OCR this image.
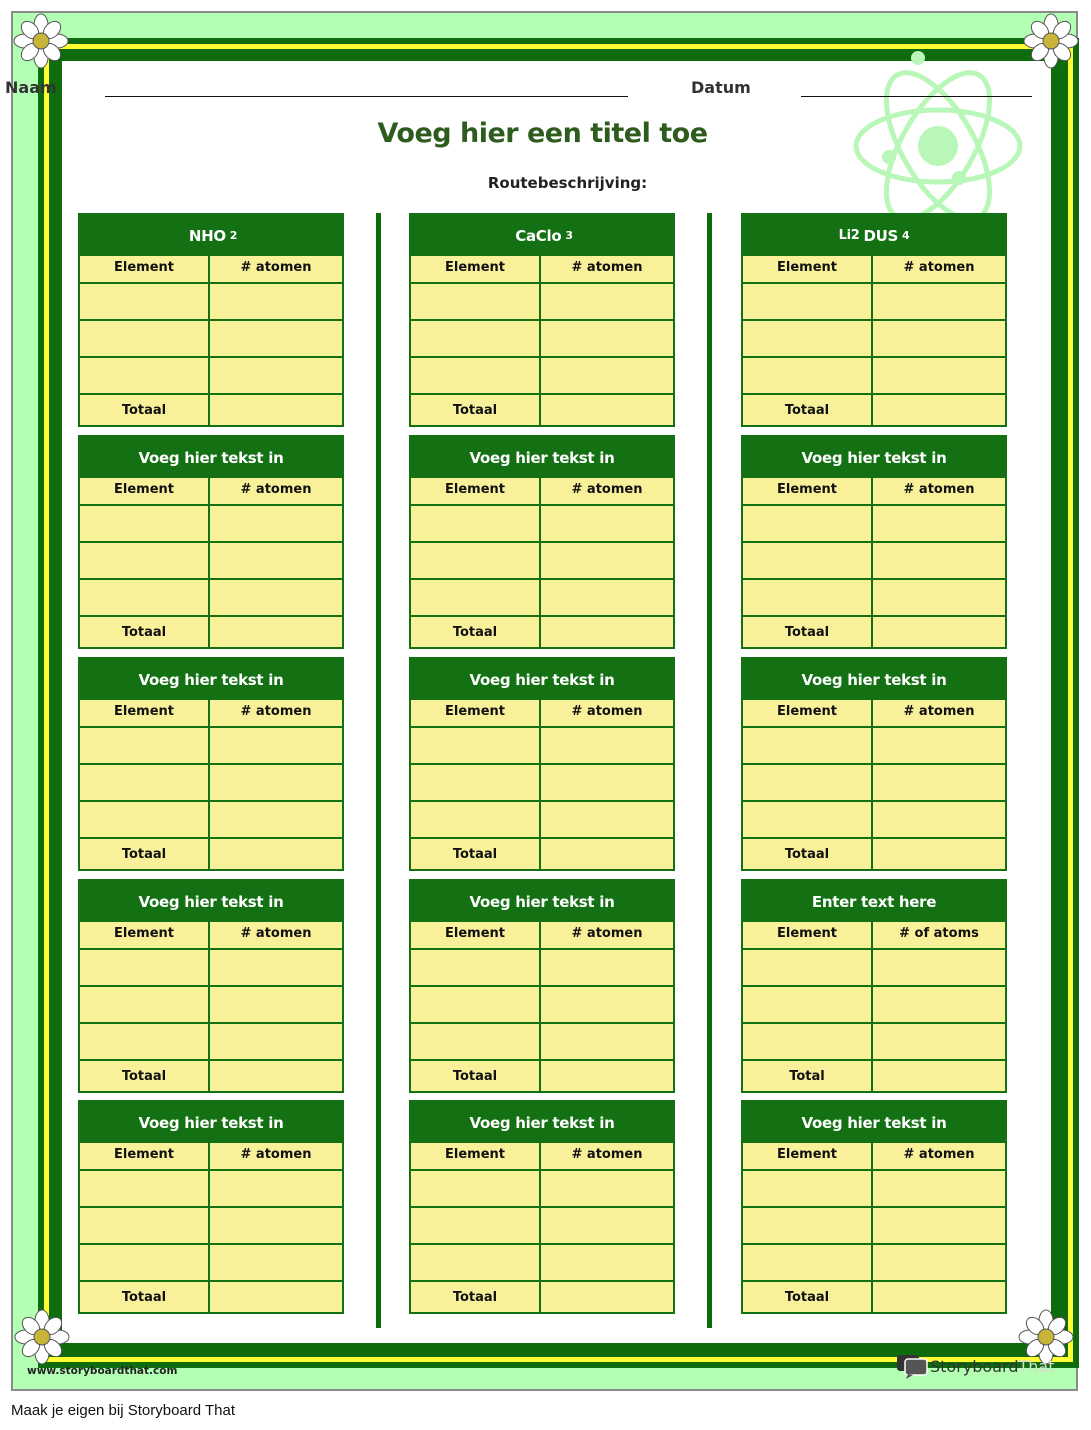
Naam	Datum
Voeg hier een titel toe
Routebeschrijving:
NHO 2
Element	# atomen
Totaal
CaClo 3
Element	# atomen
Totaal
Li2 DUS 4
Element	# atomen
Totaal
Voeg hier tekst in
Element	# atomen
Totaal
Voeg hier tekst in
Element	# atomen
Totaal
Voeg hier tekst in
Element	# atomen
Totaal
Voeg hier tekst in
Element	# atomen
Totaal
Voeg hier tekst in
Element	# atomen
Totaal
Voeg hier tekst in
Element	# atomen
Totaal
Voeg hier tekst in
Element	# atomen
Totaal
Voeg hier tekst in
Element	# atomen
Totaal
Enter text here
Element	# of atoms
Total
Voeg hier tekst in
Element	# atomen
Totaal
Voeg hier tekst in
Element	# atomen
Totaal
Voeg hier tekst in
Element	# atomen
Totaal
www.storyboardthat.com	StoryboardThat
Maak je eigen bij Storyboard That
